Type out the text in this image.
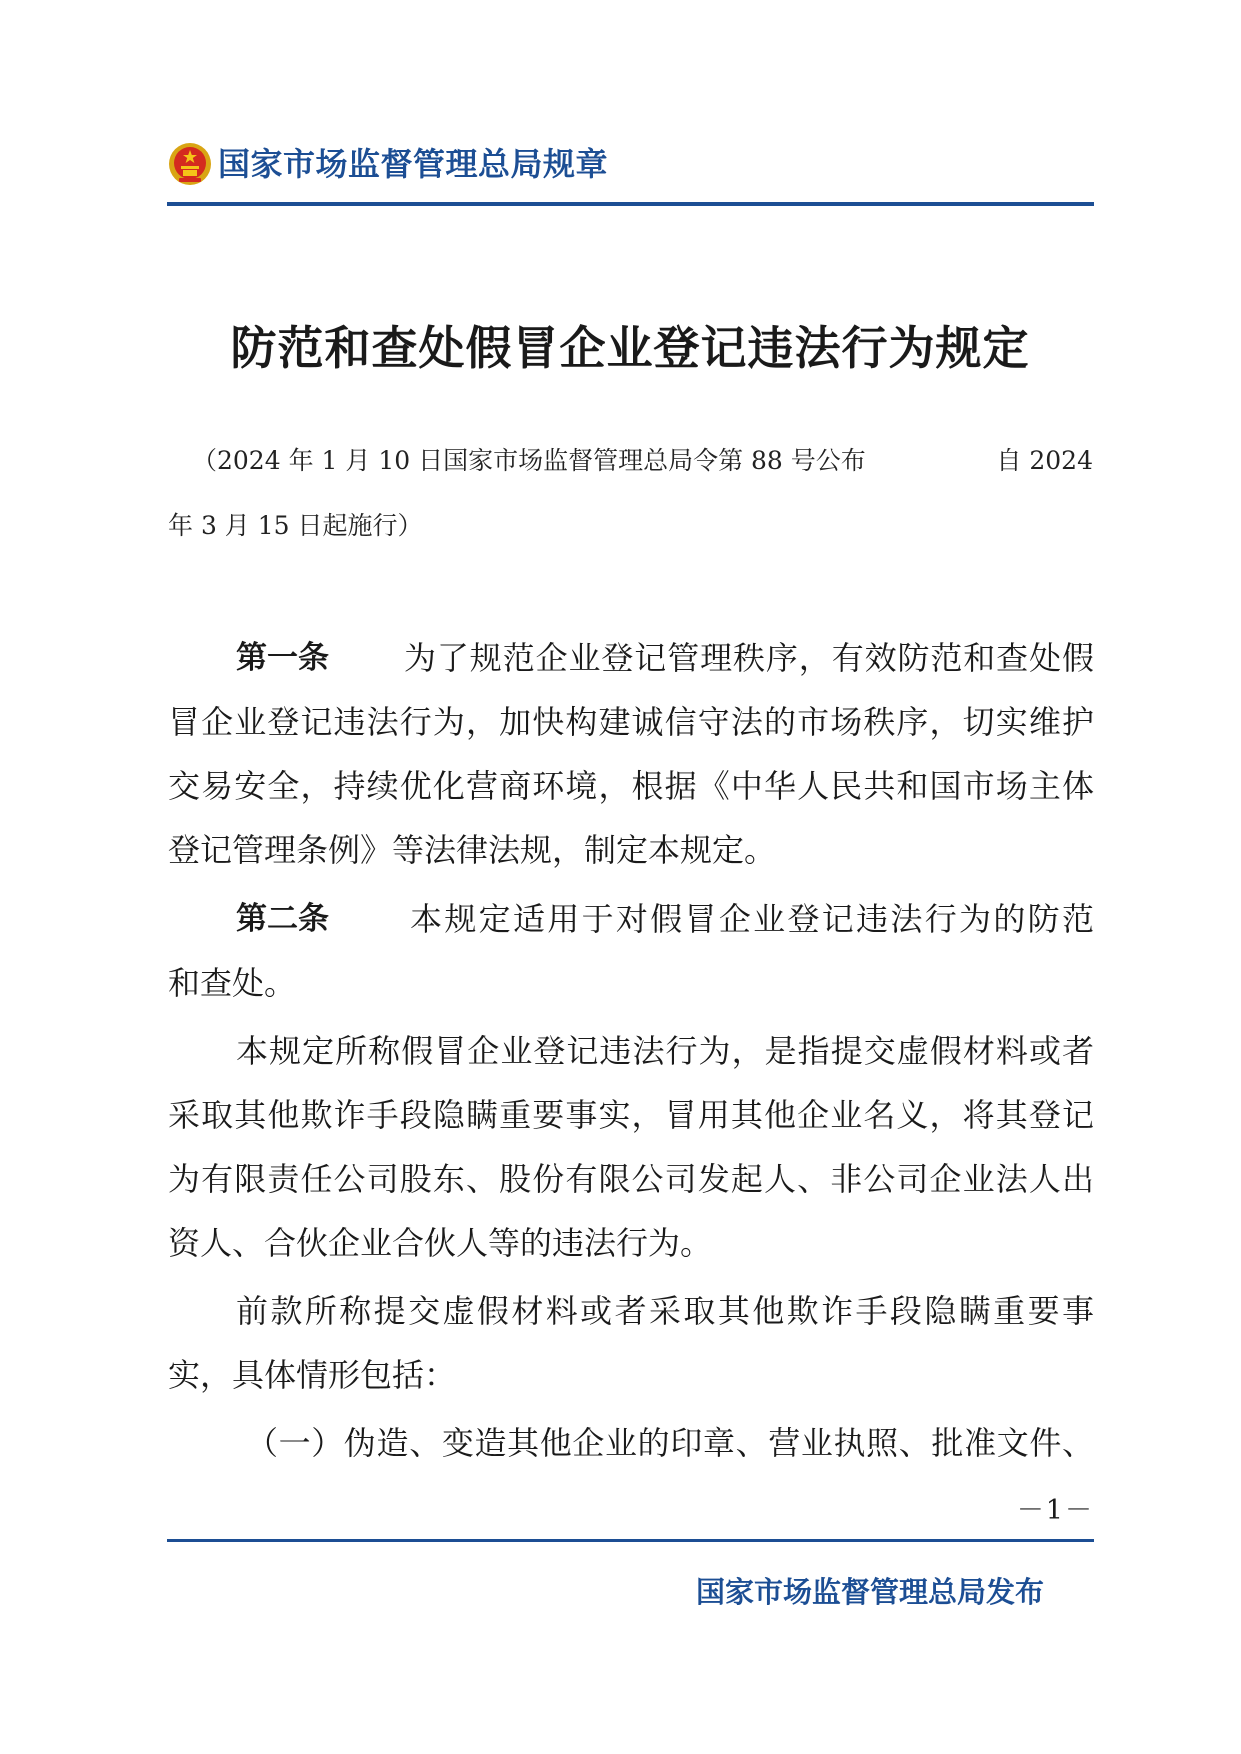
国家市场监督管理总局规章
防范和查处假冒企业登记违法行为规定
（2024 年 1 月 10 日国家市场监督管理总局令第 88 号公布	自 2024
年 3 月 15 日起施行）
第一条 为了规范企业登记管理秩序，有效防范和查处假
冒企业登记违法行为，加快构建诚信守法的市场秩序，切实维护
交易安全，持续优化营商环境，根据《中华人民共和国市场主体
登记管理条例》等法律法规，制定本规定。
第二条	本规定适用于对假冒企业登记违法行为的防范
和查处。
本规定所称假冒企业登记违法行为，是指提交虚假材料或者
采取其他欺诈手段隐瞒重要事实，冒用其他企业名义，将其登记
为有限责任公司股东、股份有限公司发起人、非公司企业法人出
资人、合伙企业合伙人等的违法行为。
前款所称提交虚假材料或者采取其他欺诈手段隐瞒重要事
实，具体情形包括：
（一）伪造、变造其他企业的印章、营业执照、批准文件、
－1－
国家市场监督管理总局发布
